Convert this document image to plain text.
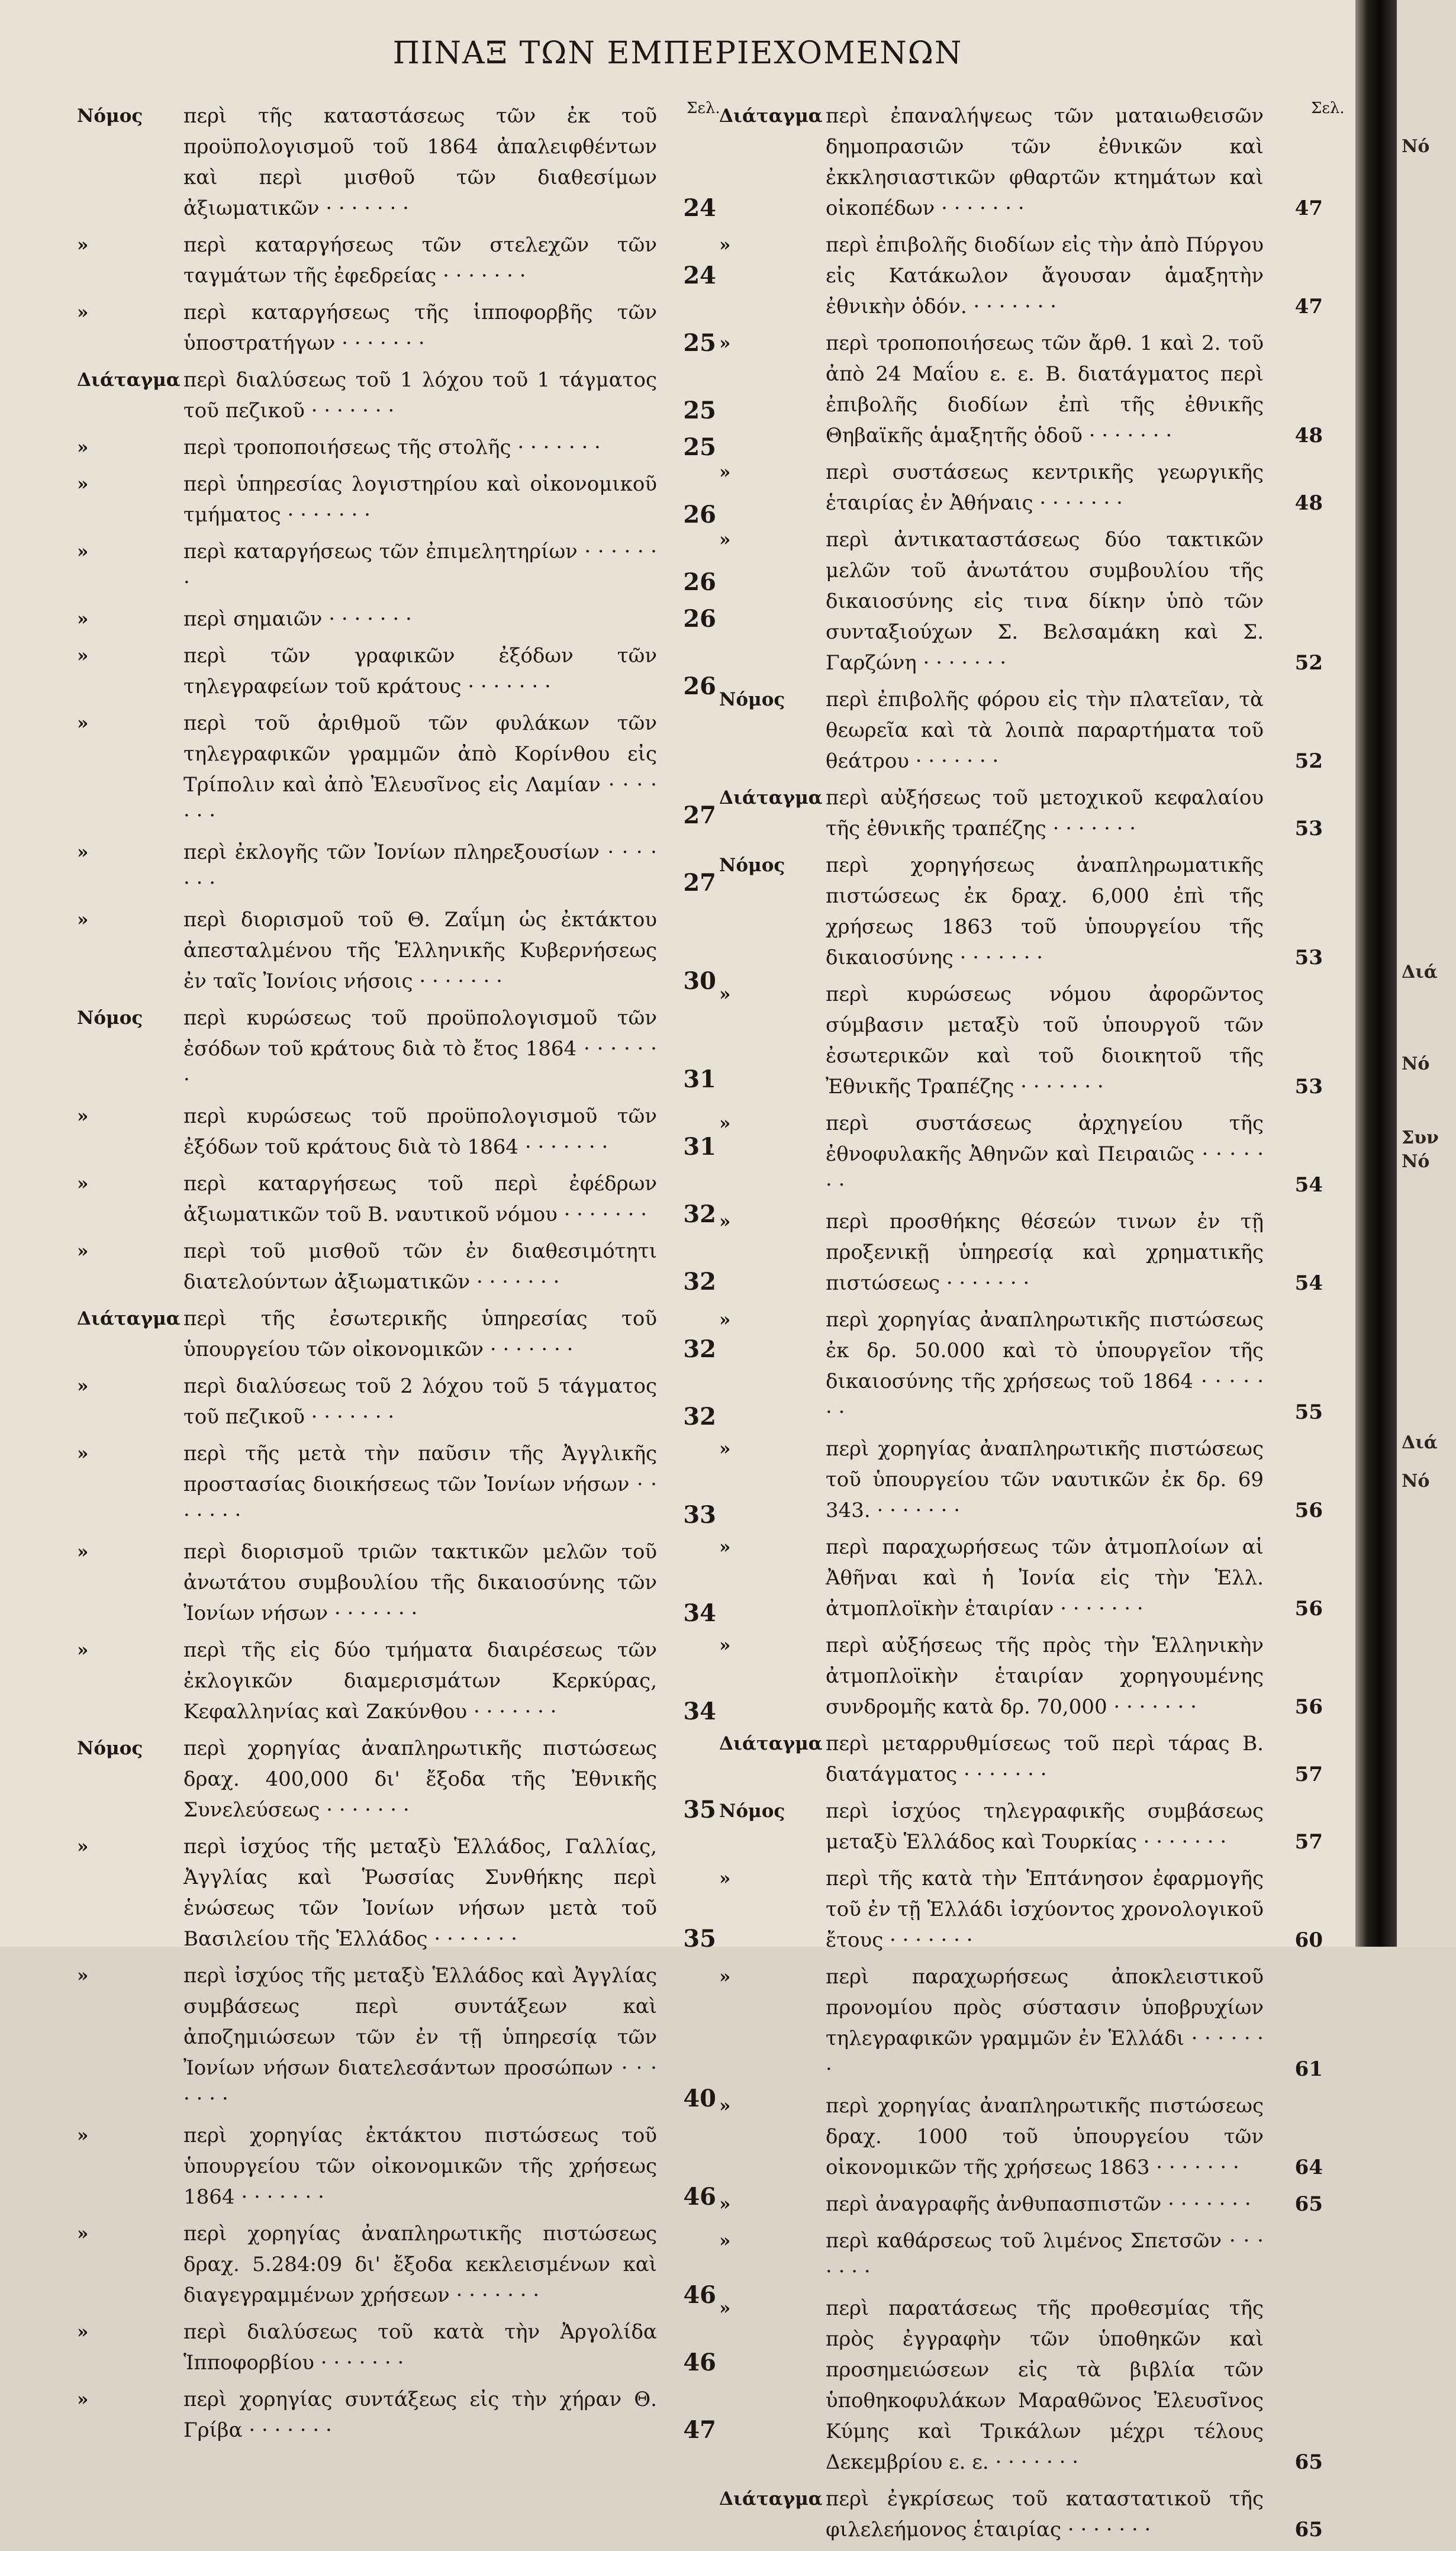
ΠΙΝΑΞ ΤΩΝ ΕΜΠΕΡΙΕΧΟΜΕΝΩΝ
Σελ.	Σελ.
Νόμος	περὶ τῆς καταστάσεως τῶν ἐκ τοῦ προϋπολογισμοῦ τοῦ 1864 ἀπαλειφθέντων καὶ περὶ μισθοῦ τῶν διαθεσίμων ἀξιωματικῶν · · · · · · ·	24
»	περὶ καταργήσεως τῶν στελεχῶν τῶν ταγμάτων τῆς ἐφεδρείας · · · · · · ·	24
»	περὶ καταργήσεως τῆς ἱπποφορβῆς τῶν ὑποστρατήγων · · · · · · ·	25
Διάταγμα περὶ διαλύσεως τοῦ 1 λόχου τοῦ 1 τάγματος τοῦ πεζικοῦ · · · · · · ·	25
»	περὶ τροποποιήσεως τῆς στολῆς · · · · · · ·	25
»	περὶ ὑπηρεσίας λογιστηρίου καὶ οἰκονομικοῦ τμήματος · · · · · · ·	26
»	περὶ καταργήσεως τῶν ἐπιμελητηρίων · · · · · · ·	26
»	περὶ σημαιῶν · · · · · · ·	26
»	περὶ τῶν γραφικῶν ἐξόδων τῶν τηλεγραφείων τοῦ κράτους · · · · · · ·	26
»	περὶ τοῦ ἀριθμοῦ τῶν φυλάκων τῶν τηλεγραφικῶν γραμμῶν ἀπὸ Κορίνθου εἰς Τρίπολιν καὶ ἀπὸ Ἐλευσῖνος εἰς Λαμίαν · · · · · · ·	27
»	περὶ ἐκλογῆς τῶν Ἰονίων πληρεξουσίων · · · · · · ·	27
»	περὶ διορισμοῦ τοῦ Θ. Ζαΐμη ὡς ἐκτάκτου ἀπεσταλμένου τῆς Ἑλληνικῆς Κυβερνήσεως ἐν ταῖς Ἰονίοις νήσοις · · · · · · ·	30
Νόμος	περὶ κυρώσεως τοῦ προϋπολογισμοῦ τῶν ἐσόδων τοῦ κράτους διὰ τὸ ἔτος 1864 · · · · · · ·	31
»	περὶ κυρώσεως τοῦ προϋπολογισμοῦ τῶν ἐξόδων τοῦ κράτους διὰ τὸ 1864 · · · · · · ·	31
»	περὶ καταργήσεως τοῦ περὶ ἐφέδρων ἀξιωματικῶν τοῦ Β. ναυτικοῦ νόμου · · · · · · ·	32
»	περὶ τοῦ μισθοῦ τῶν ἐν διαθεσιμότητι διατελούντων ἀξιωματικῶν · · · · · · ·	32
Διάταγμα περὶ τῆς ἐσωτερικῆς ὑπηρεσίας τοῦ ὑπουργείου τῶν οἰκονομικῶν · · · · · · ·	32
»	περὶ διαλύσεως τοῦ 2 λόχου τοῦ 5 τάγματος τοῦ πεζικοῦ · · · · · · ·	32
»	περὶ τῆς μετὰ τὴν παῦσιν τῆς Ἀγγλικῆς προστασίας διοικήσεως τῶν Ἰονίων νήσων · · · · · · ·	33
»	περὶ διορισμοῦ τριῶν τακτικῶν μελῶν τοῦ ἀνωτάτου συμβουλίου τῆς δικαιοσύνης τῶν Ἰονίων νήσων · · · · · · ·	34
»	περὶ τῆς εἰς δύο τμήματα διαιρέσεως τῶν ἐκλογικῶν διαμερισμάτων Κερκύρας, Κεφαλληνίας καὶ Ζακύνθου · · · · · · ·	34
Νόμος	περὶ χορηγίας ἀναπληρωτικῆς πιστώσεως δραχ. 400,000 δι' ἔξοδα τῆς Ἐθνικῆς Συνελεύσεως · · · · · · ·	35
»	περὶ ἰσχύος τῆς μεταξὺ Ἑλλάδος, Γαλλίας, Ἀγγλίας καὶ Ῥωσσίας Συνθήκης περὶ ἑνώσεως τῶν Ἰονίων νήσων μετὰ τοῦ Βασιλείου τῆς Ἑλλάδος · · · · · · ·	35
»	περὶ ἰσχύος τῆς μεταξὺ Ἑλλάδος καὶ Ἀγγλίας συμβάσεως περὶ συντάξεων καὶ ἀποζημιώσεων τῶν ἐν τῇ ὑπηρεσίᾳ τῶν Ἰονίων νήσων διατελεσάντων προσώπων · · · · · · ·	40
»	περὶ χορηγίας ἐκτάκτου πιστώσεως τοῦ ὑπουργείου τῶν οἰκονομικῶν τῆς χρήσεως 1864 · · · · · · ·	46
»	περὶ χορηγίας ἀναπληρωτικῆς πιστώσεως δραχ. 5.284:09 δι' ἔξοδα κεκλεισμένων καὶ διαγεγραμμένων χρήσεων · · · · · · ·	46
»	περὶ διαλύσεως τοῦ κατὰ τὴν Ἀργολίδα Ἱπποφορβίου · · · · · · ·	46
»	περὶ χορηγίας συντάξεως εἰς τὴν χήραν Θ. Γρίβα · · · · · · ·	47
Διάταγμα περὶ ἐπαναλήψεως τῶν ματαιωθεισῶν δημοπρασιῶν τῶν ἐθνικῶν καὶ ἐκκλησιαστικῶν φθαρτῶν κτημάτων καὶ οἰκοπέδων · · · · · · ·	47
»	περὶ ἐπιβολῆς διοδίων εἰς τὴν ἀπὸ Πύργου εἰς Κατάκωλον ἄγουσαν ἁμαξητὴν ἐθνικὴν ὁδόν. · · · · · · ·	47
»	περὶ τροποποιήσεως τῶν ἄρθ. 1 καὶ 2. τοῦ ἀπὸ 24 Μαΐου ε. ε. Β. διατάγματος περὶ ἐπιβολῆς διοδίων ἐπὶ τῆς ἐθνικῆς Θηβαϊκῆς ἁμαξητῆς ὁδοῦ · · · · · · ·	48
»	περὶ συστάσεως κεντρικῆς γεωργικῆς ἑταιρίας ἐν Ἀθήναις · · · · · · ·	48
»	περὶ ἀντικαταστάσεως δύο τακτικῶν μελῶν τοῦ ἀνωτάτου συμβουλίου τῆς δικαιοσύνης εἰς τινα δίκην ὑπὸ τῶν συνταξιούχων Σ. Βελσαμάκη καὶ Σ. Γαρζώνη · · · · · · ·	52
Νόμος	περὶ ἐπιβολῆς φόρου εἰς τὴν πλατεῖαν, τὰ θεωρεῖα καὶ τὰ λοιπὰ παραρτήματα τοῦ θεάτρου · · · · · · ·	52
Διάταγμα περὶ αὐξήσεως τοῦ μετοχικοῦ κεφαλαίου τῆς ἐθνικῆς τραπέζης · · · · · · ·	53
Νόμος	περὶ χορηγήσεως ἀναπληρωματικῆς πιστώσεως ἐκ δραχ. 6,000 ἐπὶ τῆς χρήσεως 1863 τοῦ ὑπουργείου τῆς δικαιοσύνης · · · · · · ·	53
»	περὶ κυρώσεως νόμου ἀφορῶντος σύμβασιν μεταξὺ τοῦ ὑπουργοῦ τῶν ἐσωτερικῶν καὶ τοῦ διοικητοῦ τῆς Ἐθνικῆς Τραπέζης · · · · · · ·	53
»	περὶ συστάσεως ἀρχηγείου τῆς ἐθνοφυλακῆς Ἀθηνῶν καὶ Πειραιῶς · · · · · · ·	54
»	περὶ προσθήκης θέσεών τινων ἐν τῇ προξενικῇ ὑπηρεσίᾳ καὶ χρηματικῆς πιστώσεως · · · · · · ·	54
»	περὶ χορηγίας ἀναπληρωτικῆς πιστώσεως ἐκ δρ. 50.000 καὶ τὸ ὑπουργεῖον τῆς δικαιοσύνης τῆς χρήσεως τοῦ 1864 · · · · · · ·	55
»	περὶ χορηγίας ἀναπληρωτικῆς πιστώσεως τοῦ ὑπουργείου τῶν ναυτικῶν ἐκ δρ. 69 343. · · · · · · ·	56
»	περὶ παραχωρήσεως τῶν ἀτμοπλοίων αἱ Ἀθῆναι καὶ ἡ Ἰονία εἰς τὴν Ἑλλ. ἀτμοπλοϊκὴν ἑταιρίαν · · · · · · ·	56
»	περὶ αὐξήσεως τῆς πρὸς τὴν Ἑλληνικὴν ἀτμοπλοϊκὴν ἑταιρίαν χορηγουμένης συνδρομῆς κατὰ δρ. 70,000 · · · · · · ·	56
Διάταγμα περὶ μεταρρυθμίσεως τοῦ περὶ τάρας Β. διατάγματος · · · · · · ·	57
Νόμος	περὶ ἰσχύος τηλεγραφικῆς συμβάσεως μεταξὺ Ἑλλάδος καὶ Τουρκίας · · · · · · ·	57
»	περὶ τῆς κατὰ τὴν Ἑπτάνησον ἐφαρμογῆς τοῦ ἐν τῇ Ἑλλάδι ἰσχύοντος χρονολογικοῦ ἔτους · · · · · · ·	60
»	περὶ παραχωρήσεως ἀποκλειστικοῦ προνομίου πρὸς σύστασιν ὑποβρυχίων τηλεγραφικῶν γραμμῶν ἐν Ἑλλάδι · · · · · · ·	61
»	περὶ χορηγίας ἀναπληρωτικῆς πιστώσεως δραχ. 1000 τοῦ ὑπουργείου τῶν οἰκονομικῶν τῆς χρήσεως 1863 · · · · · · ·	64
»	περὶ ἀναγραφῆς ἀνθυπασπιστῶν · · · · · · ·	65
»	περὶ καθάρσεως τοῦ λιμένος Σπετσῶν · · · · · · ·
»	περὶ παρατάσεως τῆς προθεσμίας τῆς πρὸς ἐγγραφὴν τῶν ὑποθηκῶν καὶ προσημειώσεων εἰς τὰ βιβλία τῶν ὑποθηκοφυλάκων Μαραθῶνος Ἐλευσῖνος Κύμης καὶ Τρικάλων μέχρι τέλους Δεκεμβρίου ε. ε. · · · · · · ·	65
Διάταγμα περὶ ἐγκρίσεως τοῦ καταστατικοῦ τῆς φιλελεήμονος ἑταιρίας · · · · · · ·	65
Νό
Διά
Νό
Συν
Νό
Διά
Νό
